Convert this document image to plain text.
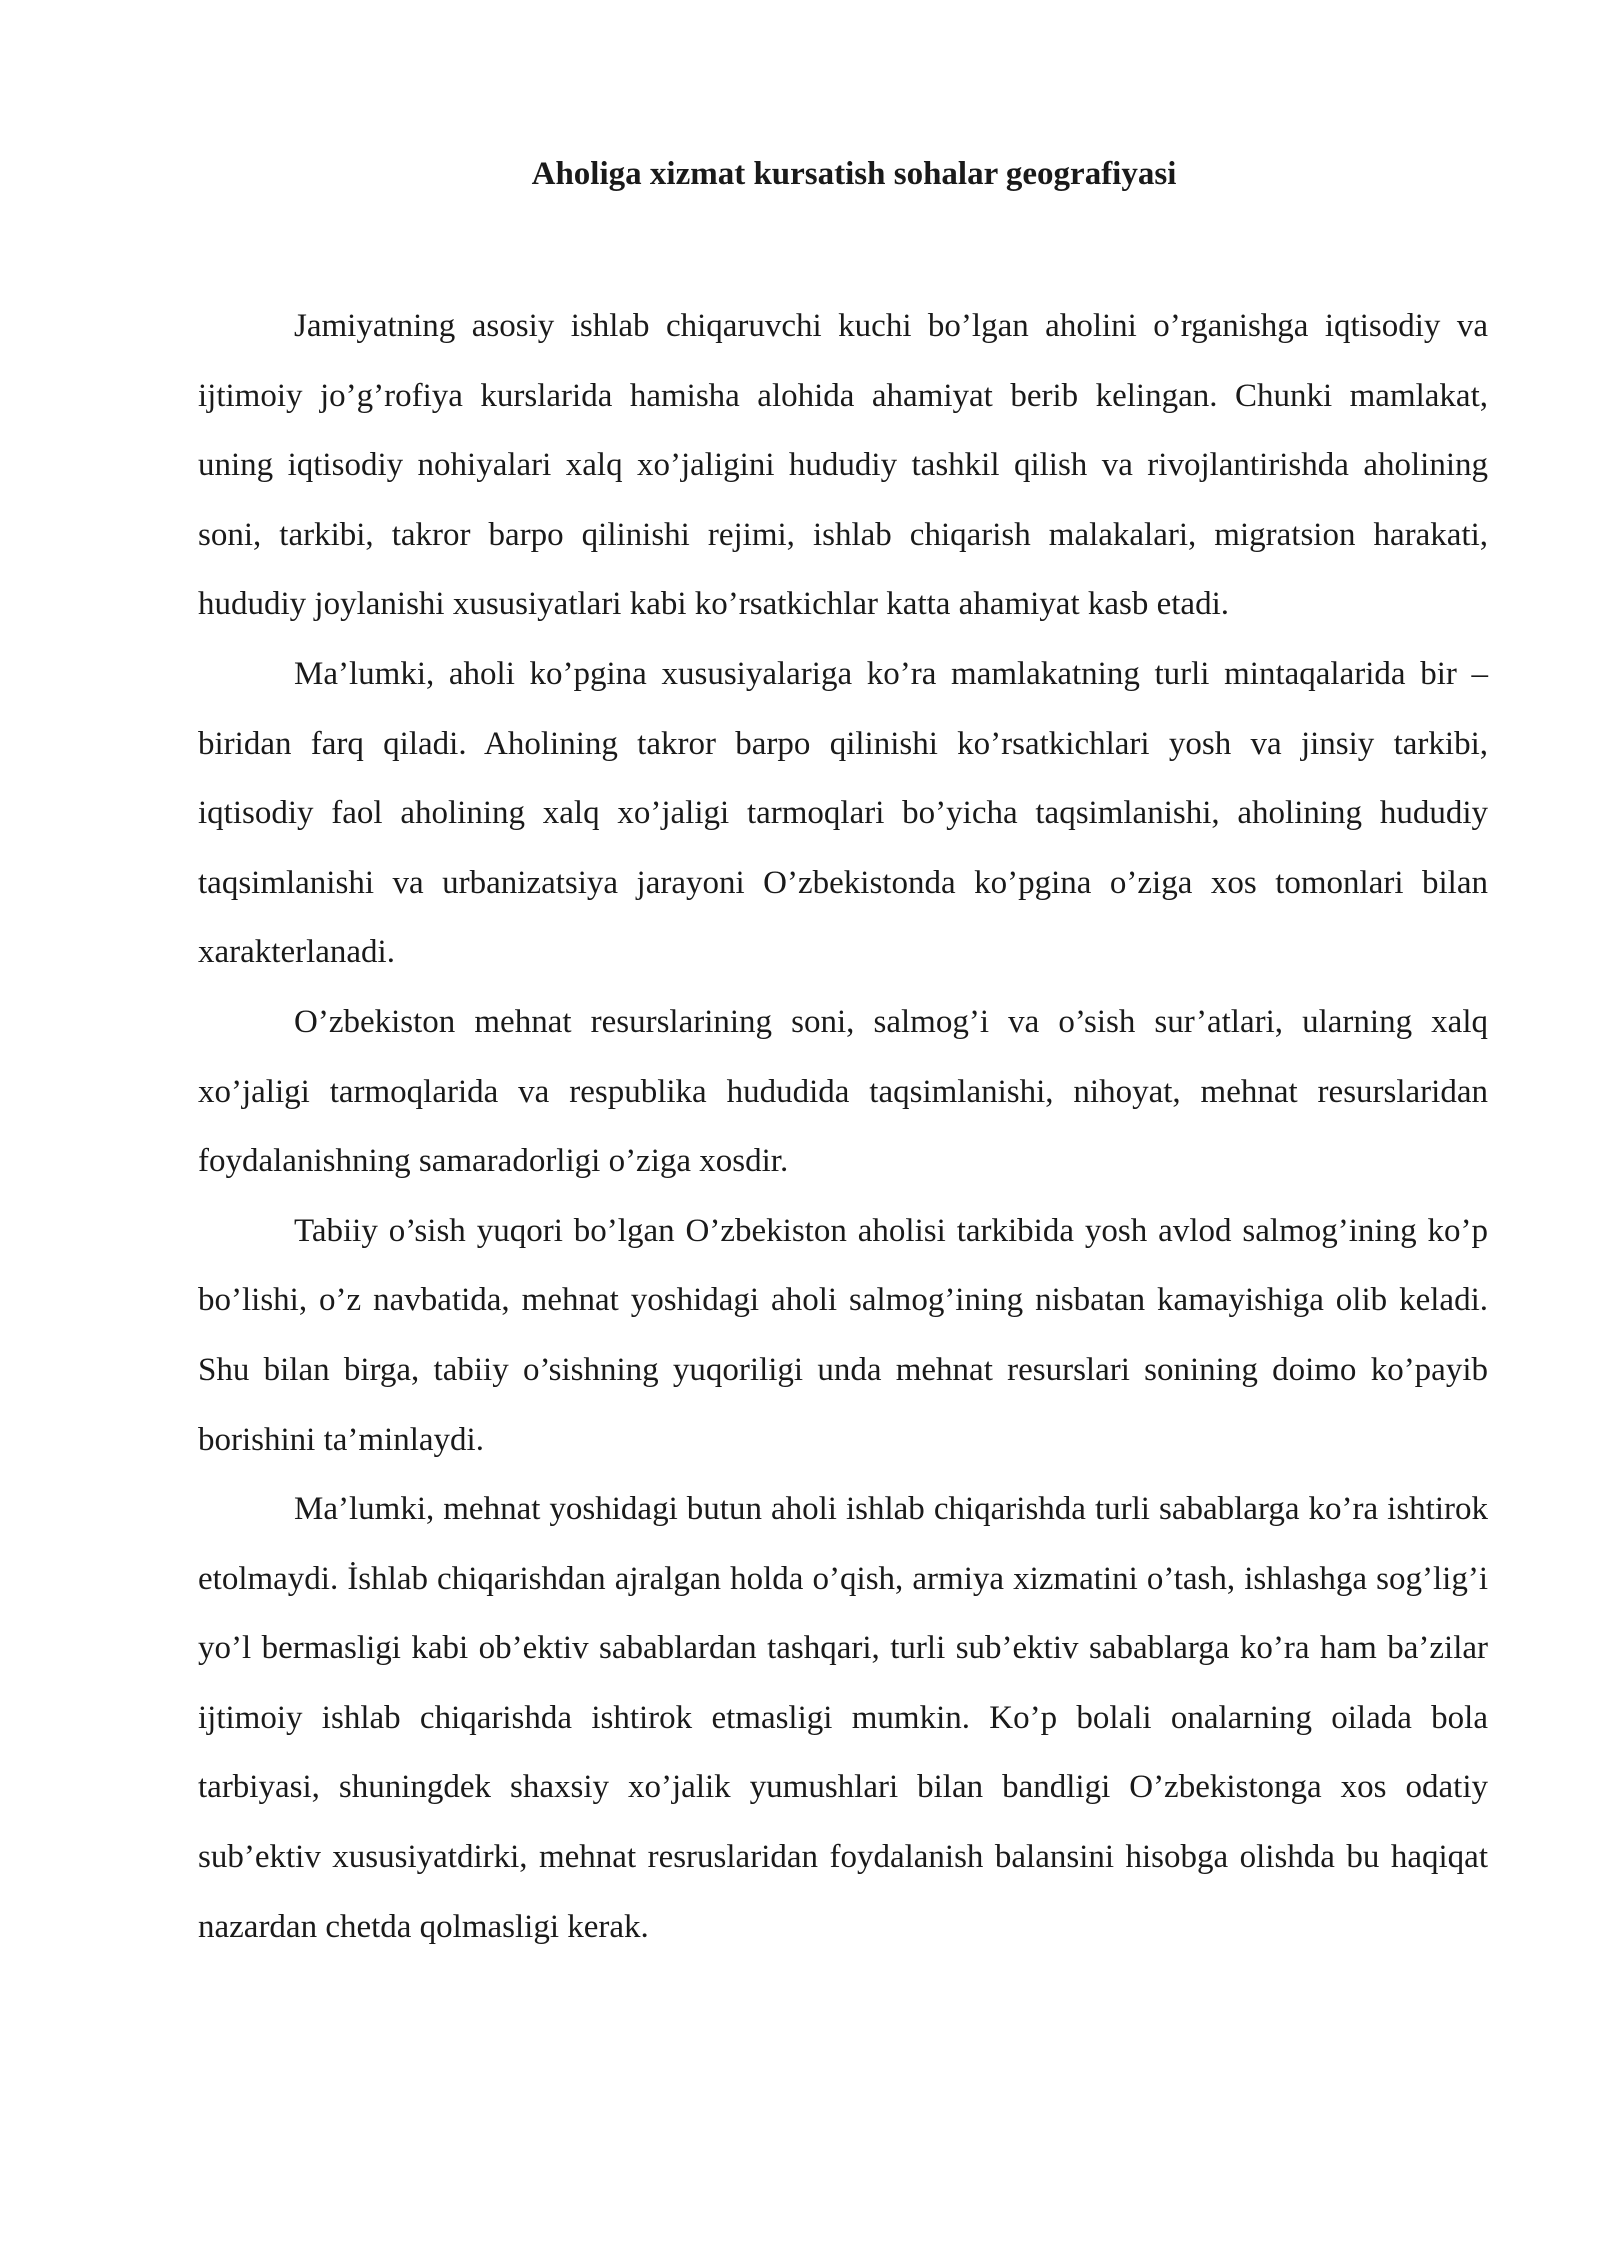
Aholiga xizmat kursatish sohalar geografiyasi

Jamiyatning asosiy ishlab chiqaruvchi kuchi bo’lgan aholini o’rganishga iqtisodiy va ijtimoiy jo’g’rofiya kurslarida hamisha alohida ahamiyat berib kelingan. Chunki mamlakat, uning iqtisodiy nohiyalari xalq xo’jaligini hududiy tashkil qilish va rivojlantirishda aholining soni, tarkibi, takror barpo qilinishi rejimi, ishlab chiqarish malakalari, migratsion harakati, hududiy joylanishi xususiyatlari kabi ko’rsatkichlar katta ahamiyat kasb etadi.

Ma’lumki, aholi ko’pgina xususiyalariga ko’ra mamlakatning turli mintaqalarida bir – biridan farq qiladi. Aholining takror barpo qilinishi ko’rsatkichlari yosh va jinsiy tarkibi, iqtisodiy faol aholining xalq xo’jaligi tarmoqlari bo’yicha taqsimlanishi, aholining hududiy taqsimlanishi va urbanizatsiya jarayoni O’zbekistonda ko’pgina o’ziga xos tomonlari bilan xarakterlanadi.

O’zbekiston mehnat resurslarining soni, salmog’i va o’sish sur’atlari, ularning xalq xo’jaligi tarmoqlarida va respublika hududida taqsimlanishi, nihoyat, mehnat resurslaridan foydalanishning samaradorligi o’ziga xosdir.

Tabiiy o’sish yuqori bo’lgan O’zbekiston aholisi tarkibida yosh avlod salmog’ining ko’p bo’lishi, o’z navbatida, mehnat yoshidagi aholi salmog’ining nisbatan kamayishiga olib keladi. Shu bilan birga, tabiiy o’sishning yuqoriligi unda mehnat resurslari sonining doimo ko’payib borishini ta’minlaydi.

Ma’lumki, mehnat yoshidagi butun aholi ishlab chiqarishda turli sabablarga ko’ra ishtirok etolmaydi. İshlab chiqarishdan ajralgan holda o’qish, armiya xizmatini o’tash, ishlashga sog’lig’i yo’l bermasligi kabi ob’ektiv sabablardan tashqari, turli sub’ektiv sabablarga ko’ra ham ba’zilar ijtimoiy ishlab chiqarishda ishtirok etmasligi mumkin. Ko’p bolali onalarning oilada bola tarbiyasi, shuningdek shaxsiy xo’jalik yumushlari bilan bandligi O’zbekistonga xos odatiy sub’ektiv xususiyatdirki, mehnat resruslaridan foydalanish balansini hisobga olishda bu haqiqat nazardan chetda qolmasligi kerak.
